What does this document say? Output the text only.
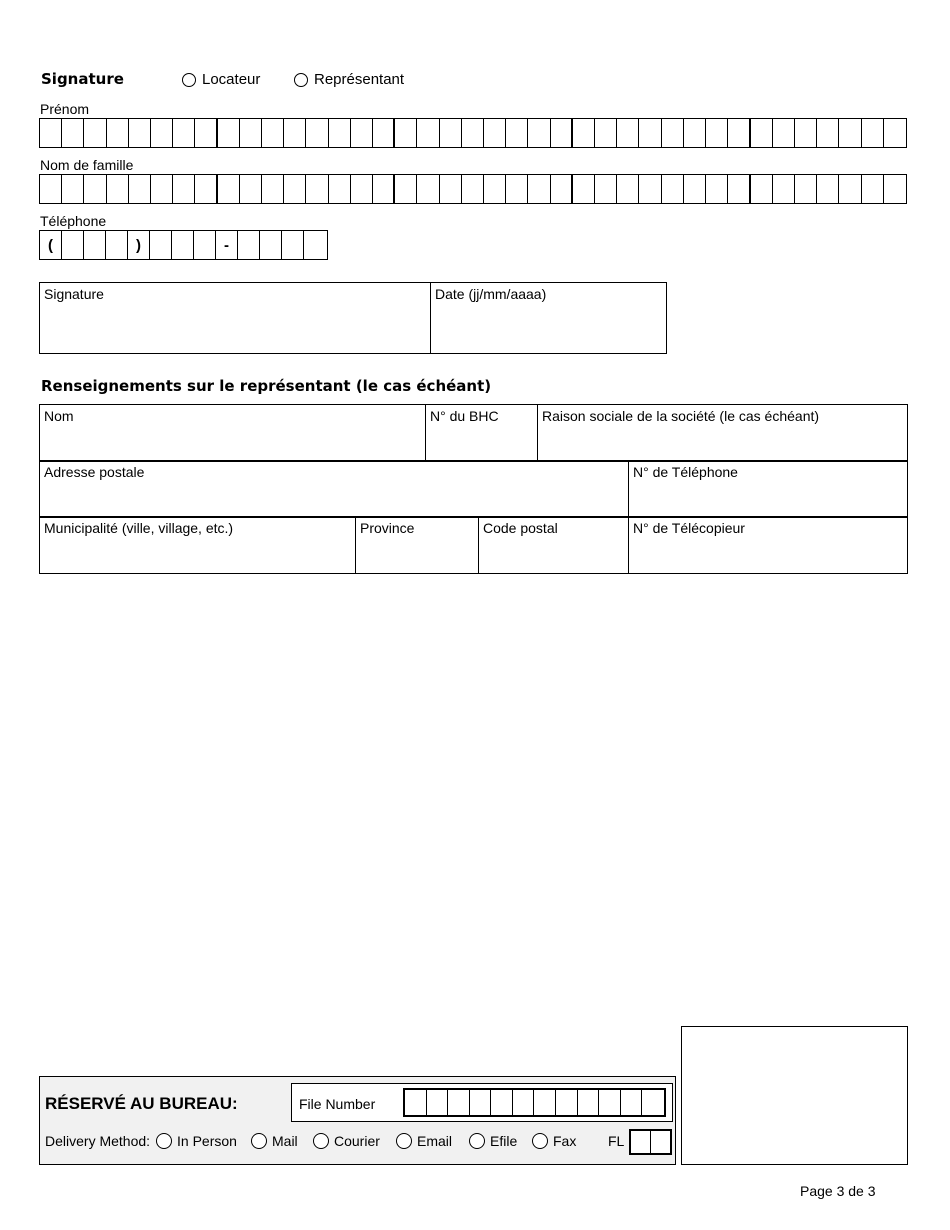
Signature	Locateur	Représentant
Prénom
Nom de famille
Téléphone
(	)	-
Signature	Date (jj/mm/aaaa)
Renseignements sur le représentant (le cas échéant)
Nom	N° du BHC	Raison sociale de la société (le cas échéant)
Adresse postale	N° de Téléphone
Municipalité (ville, village, etc.)	Province	Code postal	N° de Télécopieur
RÉSERVÉ AU BUREAU:	File Number
Delivery Method: In Person	Mail	Courier	Email	Efile	Fax FL
Page 3 de 3
